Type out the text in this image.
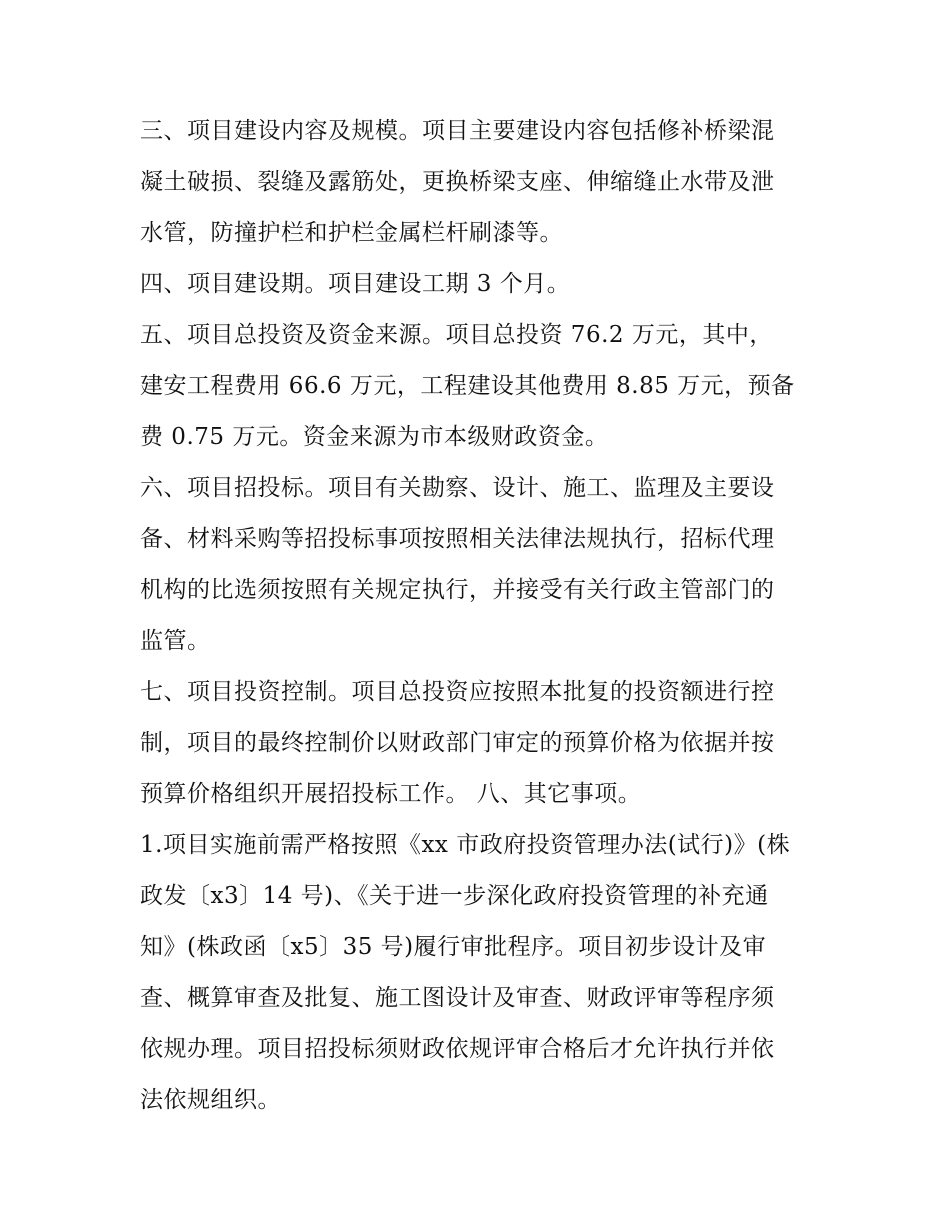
三、项目建设内容及规模。项目主要建设内容包括修补桥梁混
凝土破损、裂缝及露筋处，更换桥梁支座、伸缩缝止水带及泄
水管，防撞护栏和护栏金属栏杆刷漆等。
四、项目建设期。项目建设工期 3 个月。
五、项目总投资及资金来源。项目总投资 76.2 万元，其中，
建安工程费用 66.6 万元，工程建设其他费用 8.85 万元，预备
费 0.75 万元。资金来源为市本级财政资金。
六、项目招投标。项目有关勘察、设计、施工、监理及主要设
备、材料采购等招投标事项按照相关法律法规执行，招标代理
机构的比选须按照有关规定执行，并接受有关行政主管部门的
监管。
七、项目投资控制。项目总投资应按照本批复的投资额进行控
制，项目的最终控制价以财政部门审定的预算价格为依据并按
预算价格组织开展招投标工作。 八、其它事项。
1.项目实施前需严格按照《xx 市政府投资管理办法(试行)》(株
政发〔x3〕14 号)、《关于进一步深化政府投资管理的补充通
知》(株政函〔x5〕35 号)履行审批程序。项目初步设计及审
查、概算审查及批复、施工图设计及审查、财政评审等程序须
依规办理。项目招投标须财政依规评审合格后才允许执行并依
法依规组织。
